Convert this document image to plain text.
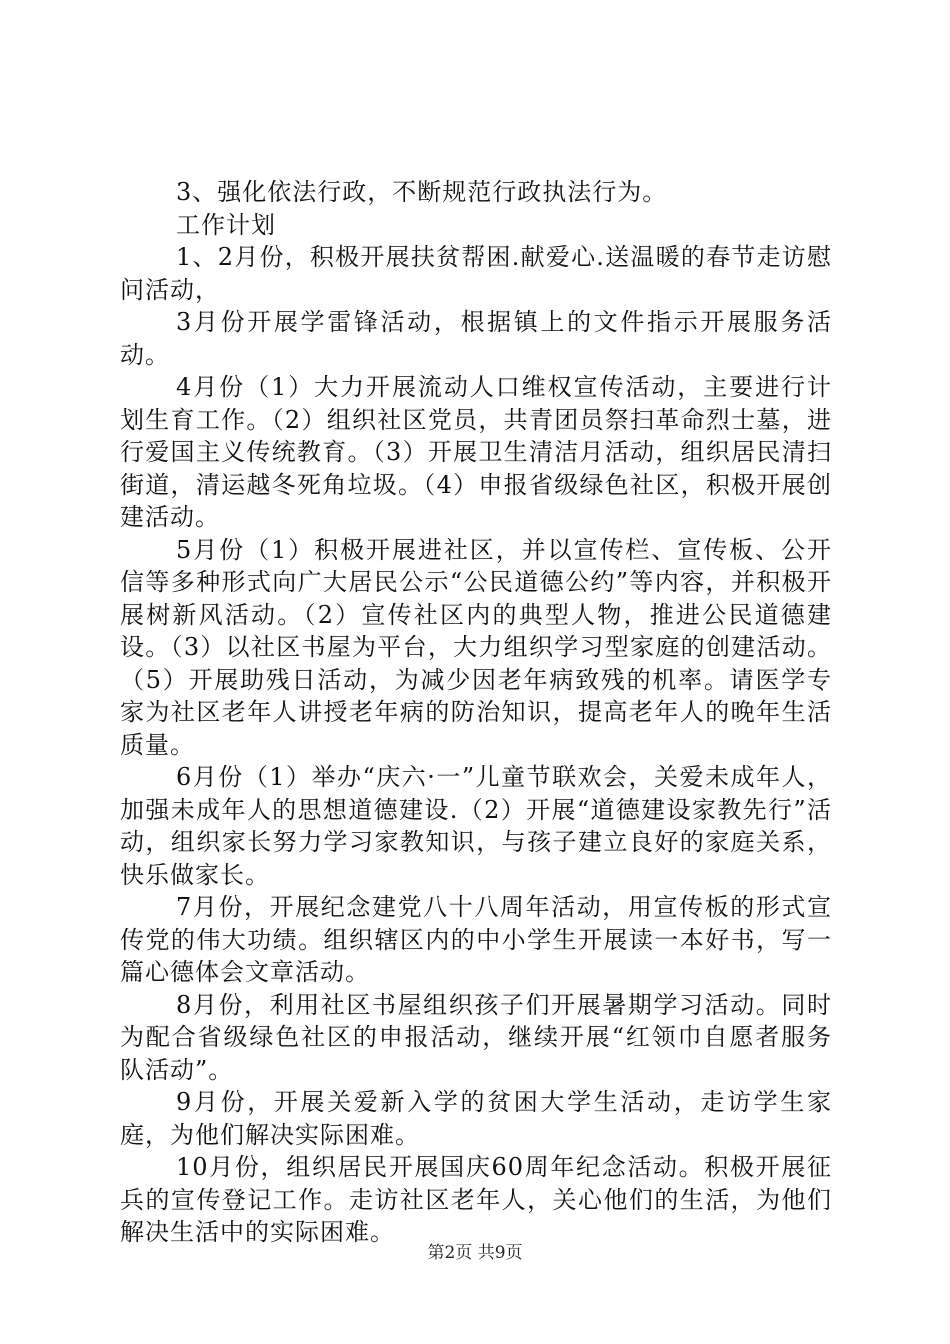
3、强化依法行政，不断规范行政执法行为。

工作计划

1、2月份，积极开展扶贫帮困.献爱心.送温暖的春节走访慰问活动，

3月份开展学雷锋活动，根据镇上的文件指示开展服务活动。

4月份（1）大力开展流动人口维权宣传活动，主要进行计划生育工作。（2）组织社区党员，共青团员祭扫革命烈士墓，进行爱国主义传统教育。（3）开展卫生清洁月活动，组织居民清扫街道，清运越冬死角垃圾。（4）申报省级绿色社区，积极开展创建活动。

5月份（1）积极开展进社区，并以宣传栏、宣传板、公开信等多种形式向广大居民公示“公民道德公约”等内容，并积极开展树新风活动。（2）宣传社区内的典型人物，推进公民道德建设。（3）以社区书屋为平台，大力组织学习型家庭的创建活动。（5）开展助残日活动，为减少因老年病致残的机率。请医学专家为社区老年人讲授老年病的防治知识，提高老年人的晚年生活质量。

6月份（1）举办“庆六·一”儿童节联欢会，关爱未成年人，加强未成年人的思想道德建设.（2）开展“道德建设家教先行”活动，组织家长努力学习家教知识，与孩子建立良好的家庭关系，快乐做家长。

7月份，开展纪念建党八十八周年活动，用宣传板的形式宣传党的伟大功绩。组织辖区内的中小学生开展读一本好书，写一篇心德体会文章活动。

8月份，利用社区书屋组织孩子们开展暑期学习活动。同时为配合省级绿色社区的申报活动，继续开展“红领巾自愿者服务队活动”。

9月份，开展关爱新入学的贫困大学生活动，走访学生家庭，为他们解决实际困难。

10月份，组织居民开展国庆60周年纪念活动。积极开展征兵的宣传登记工作。走访社区老年人，关心他们的生活，为他们解决生活中的实际困难。

第2页 共9页
